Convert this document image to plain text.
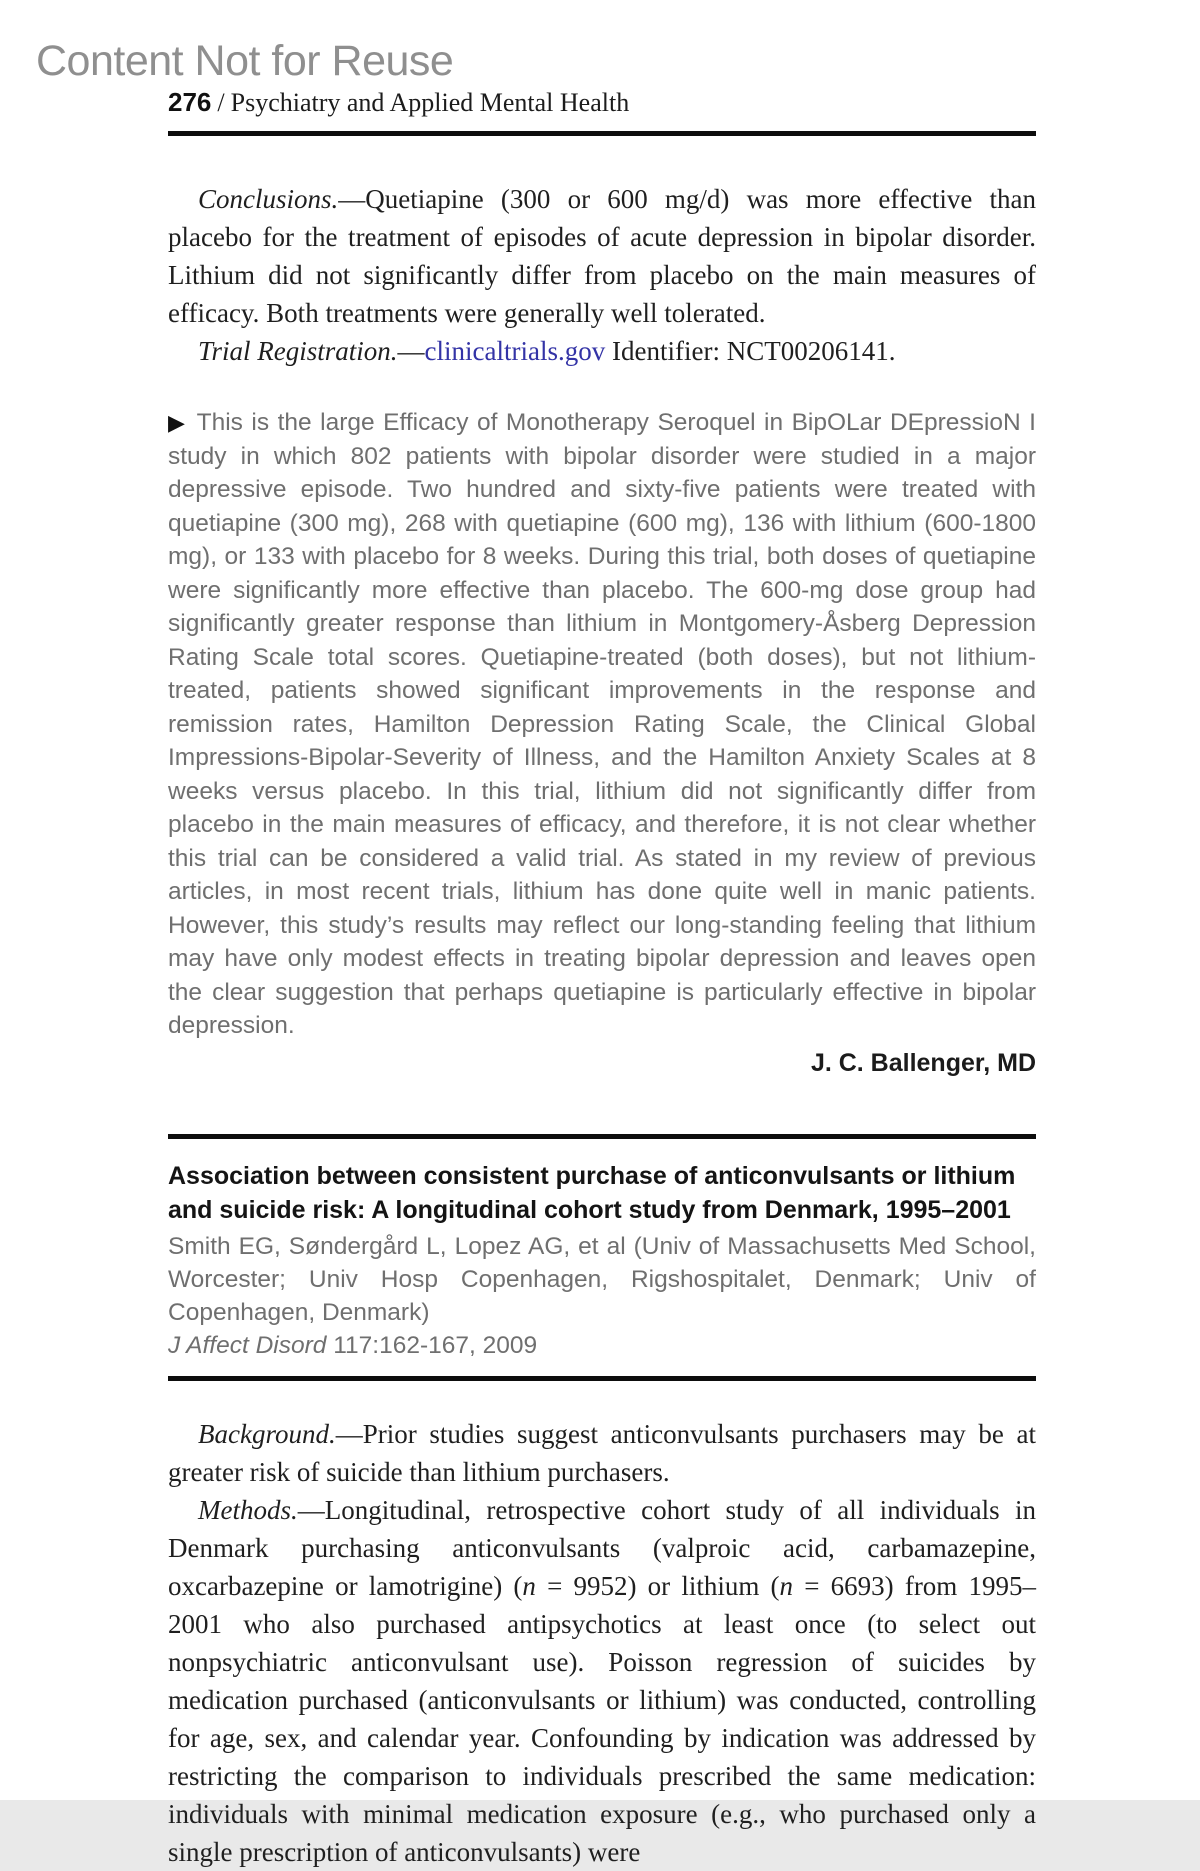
Content Not for Reuse
276 / Psychiatry and Applied Mental Health

Conclusions.—Quetiapine (300 or 600 mg/d) was more effective than placebo for the treatment of episodes of acute depression in bipolar disorder. Lithium did not significantly differ from placebo on the main measures of efficacy. Both treatments were generally well tolerated.

Trial Registration.—clinicaltrials.gov Identifier: NCT00206141.

▶ This is the large Efficacy of Monotherapy Seroquel in BipOLar DEpressioN I study in which 802 patients with bipolar disorder were studied in a major depressive episode. Two hundred and sixty-five patients were treated with quetiapine (300 mg), 268 with quetiapine (600 mg), 136 with lithium (600-1800 mg), or 133 with placebo for 8 weeks. During this trial, both doses of quetiapine were significantly more effective than placebo. The 600-mg dose group had significantly greater response than lithium in Montgomery-Åsberg Depression Rating Scale total scores. Quetiapine-treated (both doses), but not lithium-treated, patients showed significant improvements in the response and remission rates, Hamilton Depression Rating Scale, the Clinical Global Impressions-Bipolar-Severity of Illness, and the Hamilton Anxiety Scales at 8 weeks versus placebo. In this trial, lithium did not significantly differ from placebo in the main measures of efficacy, and therefore, it is not clear whether this trial can be considered a valid trial. As stated in my review of previous articles, in most recent trials, lithium has done quite well in manic patients. However, this study’s results may reflect our long-standing feeling that lithium may have only modest effects in treating bipolar depression and leaves open the clear suggestion that perhaps quetiapine is particularly effective in bipolar depression.

J. C. Ballenger, MD
Association between consistent purchase of anticonvulsants or lithium and suicide risk: A longitudinal cohort study from Denmark, 1995–2001
Smith EG, Søndergård L, Lopez AG, et al (Univ of Massachusetts Med School, Worcester; Univ Hosp Copenhagen, Rigshospitalet, Denmark; Univ of Copenhagen, Denmark)
J Affect Disord 117:162-167, 2009

Background.—Prior studies suggest anticonvulsants purchasers may be at greater risk of suicide than lithium purchasers.

Methods.—Longitudinal, retrospective cohort study of all individuals in Denmark purchasing anticonvulsants (valproic acid, carbamazepine, oxcarbazepine or lamotrigine) (n = 9952) or lithium (n = 6693) from 1995–2001 who also purchased antipsychotics at least once (to select out nonpsychiatric anticonvulsant use). Poisson regression of suicides by medication purchased (anticonvulsants or lithium) was conducted, controlling for age, sex, and calendar year. Confounding by indication was addressed by restricting the comparison to individuals prescribed the same medication: individuals with minimal medication exposure (e.g., who purchased only a single prescription of anticonvulsants) were
